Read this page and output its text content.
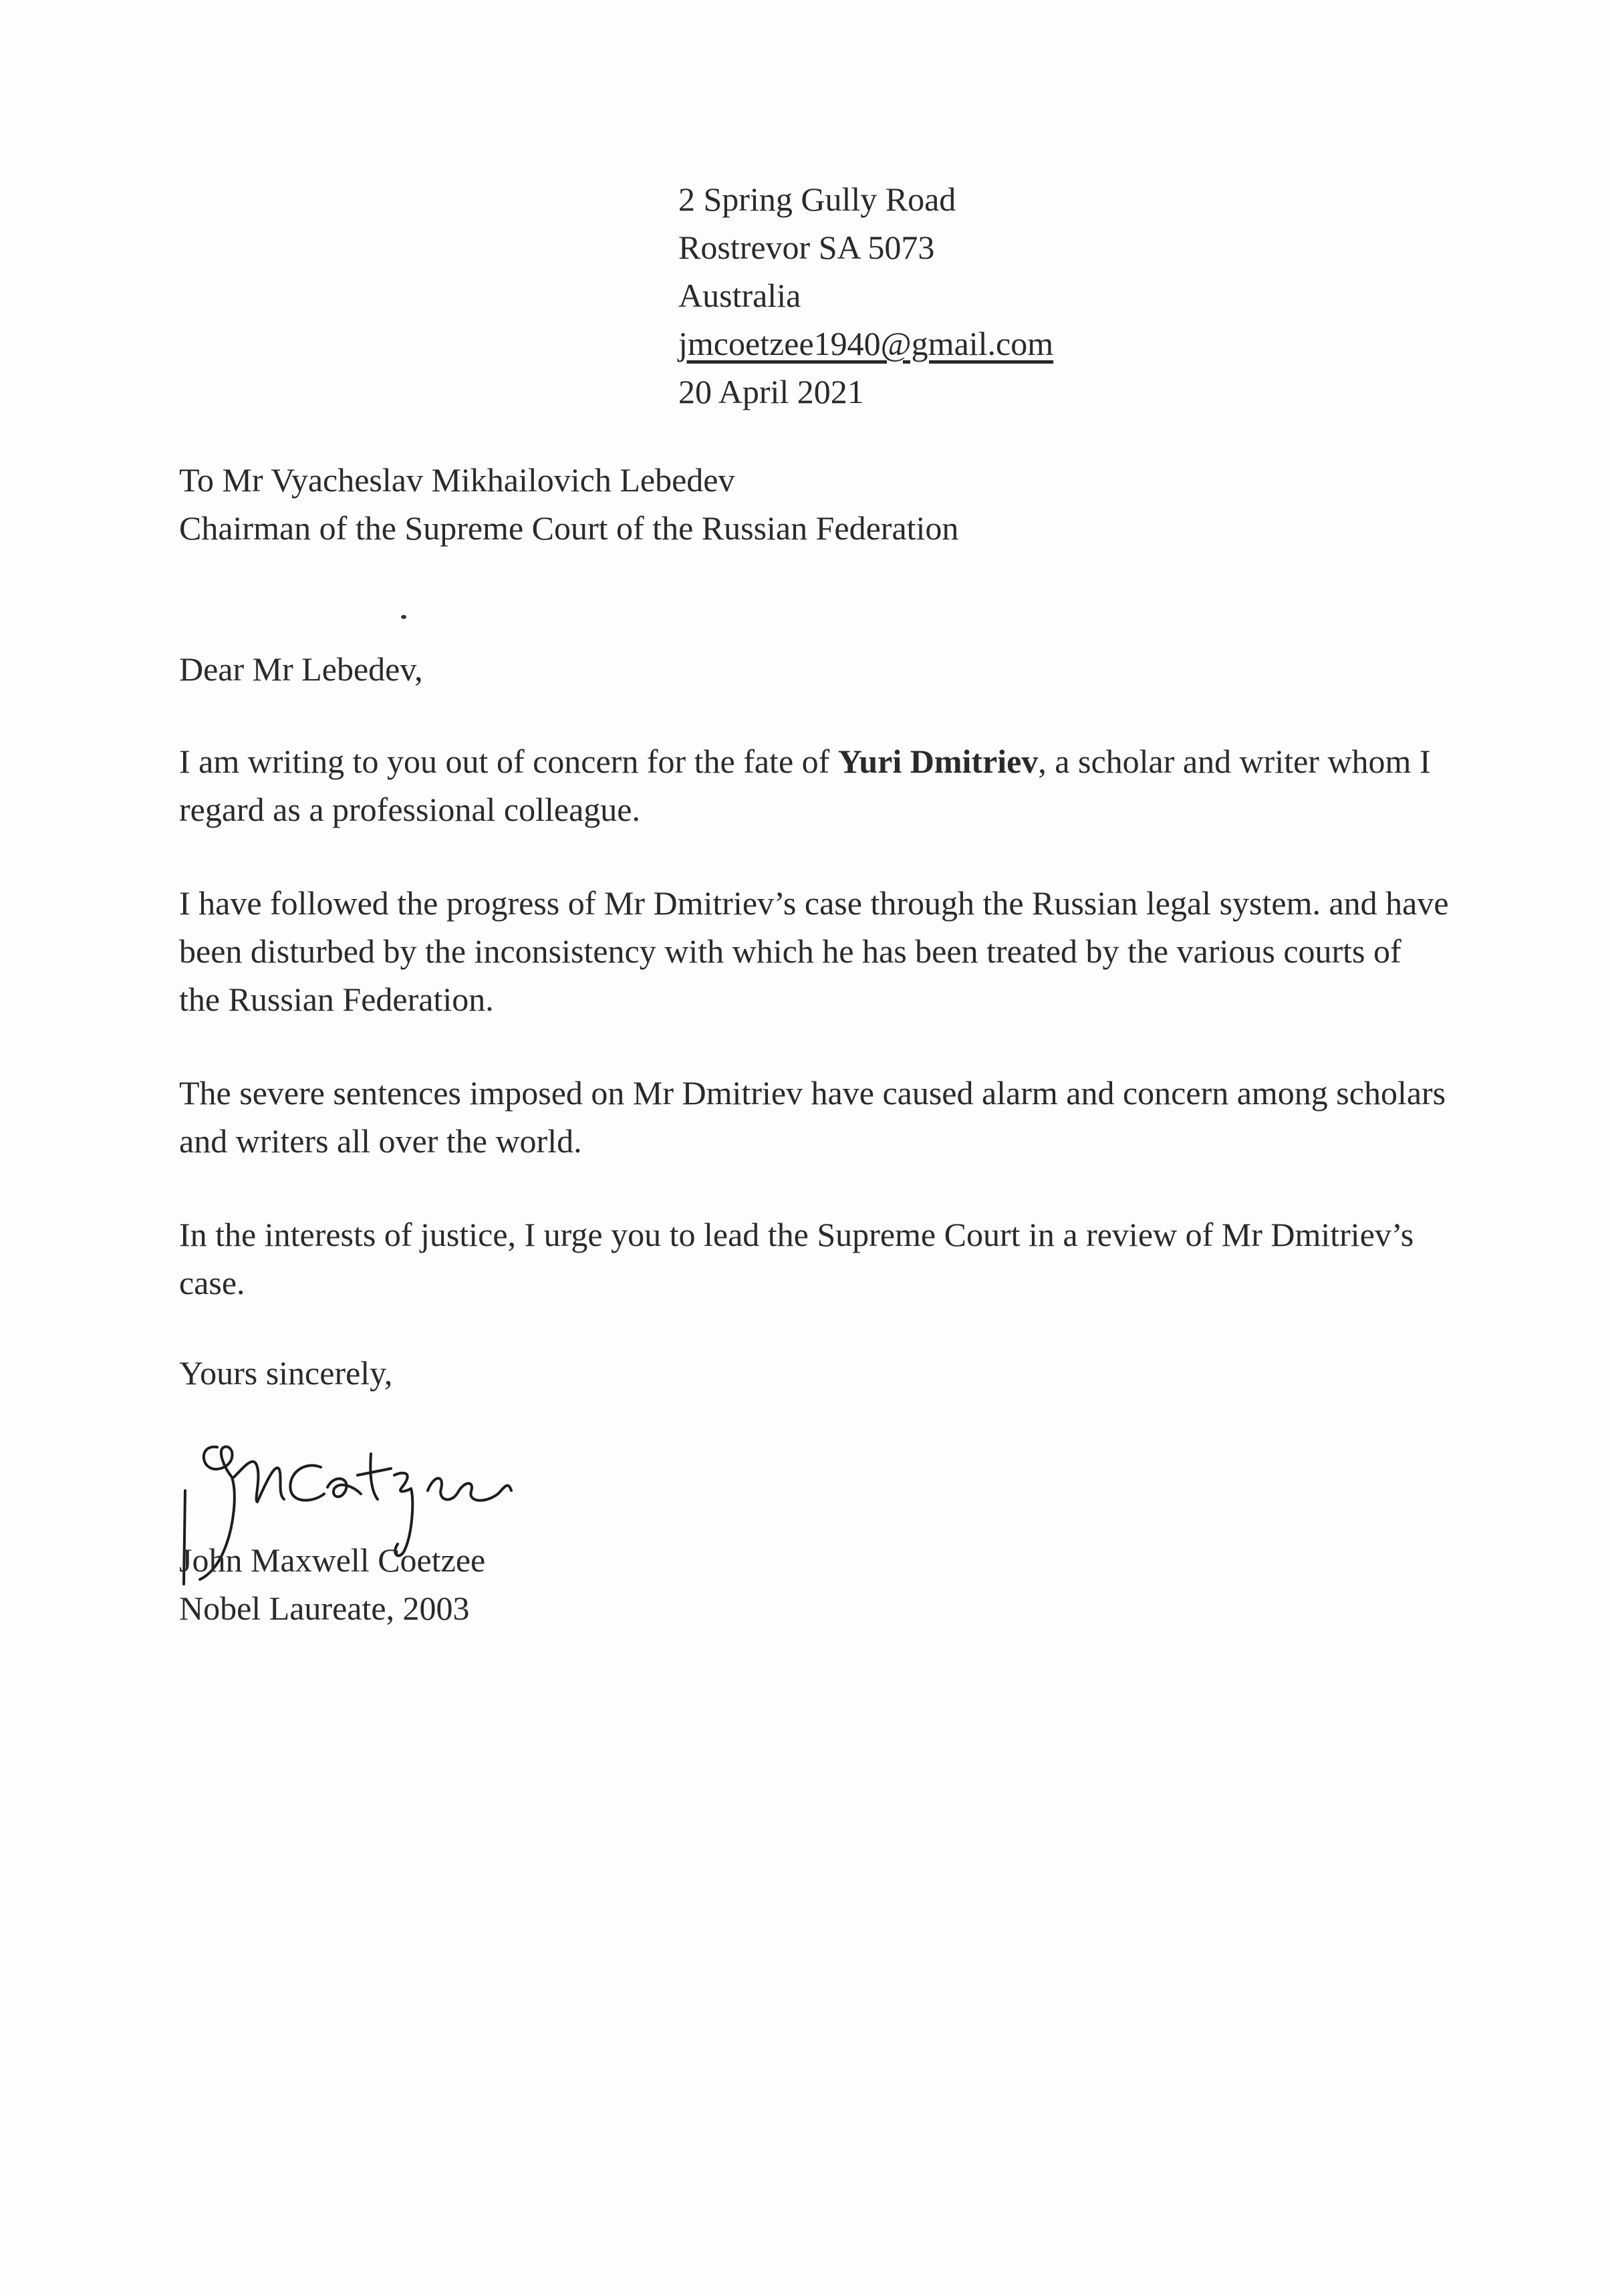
2 Spring Gully Road
Rostrevor SA 5073
Australia
jmcoetzee1940@gmail.com
20 April 2021
To Mr Vyacheslav Mikhailovich Lebedev
Chairman of the Supreme Court of the Russian Federation

Dear Mr Lebedev,

I am writing to you out of concern for the fate of Yuri Dmitriev, a scholar and writer whom I regard as a professional colleague.

I have followed the progress of Mr Dmitriev’s case through the Russian legal system. and have been disturbed by the inconsistency with which he has been treated by the various courts of the Russian Federation.

The severe sentences imposed on Mr Dmitriev have caused alarm and concern among scholars and writers all over the world.

In the interests of justice, I urge you to lead the Supreme Court in a review of Mr Dmitriev’s case.

Yours sincerely,
John Maxwell Coetzee
Nobel Laureate, 2003
